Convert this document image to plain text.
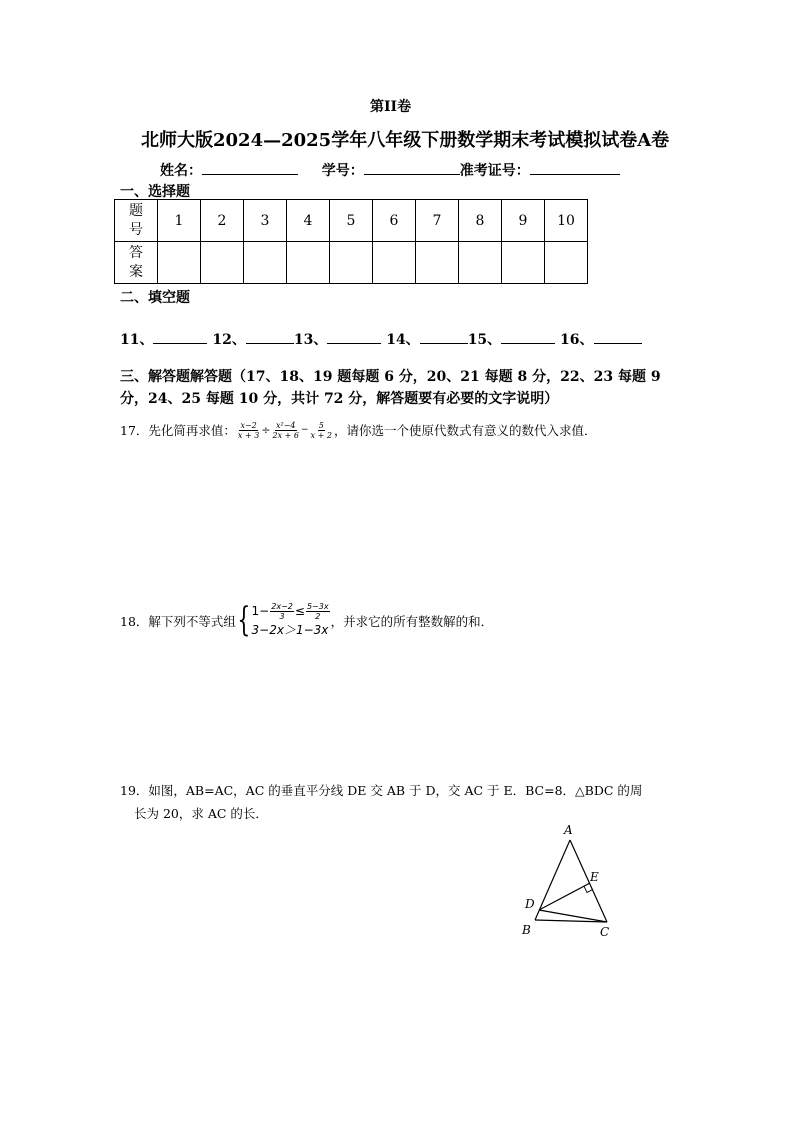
第II卷
北师大版2024—2025学年八年级下册数学期末考试模拟试卷A卷
姓名：	学号：	准考证号：
一、选择题
题号	1	2	3	4	5	6	7	8	9	10
答案										
二、填空题
11、	12、	13、	14、	15、	16、
三、解答题解答题（17、18、19 题每题 6 分，20、21 每题 8 分，22、23 每题 9
分，24、25 每题 10 分，共计 72 分，解答题要有必要的文字说明）
17．先化简再求值： $\frac{x-2}{x + 3} \div \frac{\text{x²−4}}{2x + 6} - \frac{5}{x + 2}$ ，请你选一个使原代数式有意义的数代入求值．
18．解下列不等式组 { $1- \frac{2x-2}{3} \le \frac{5-3x}{2}$
3−2x＞1−3x
，并求它的所有整数解的和．
19．如图，AB=AC，AC 的垂直平分线 DE 交 AB 于 D，交 AC 于 E．BC=8．△BDC 的周
长为 20，求 AC 的长．
A
E
D
B	C
